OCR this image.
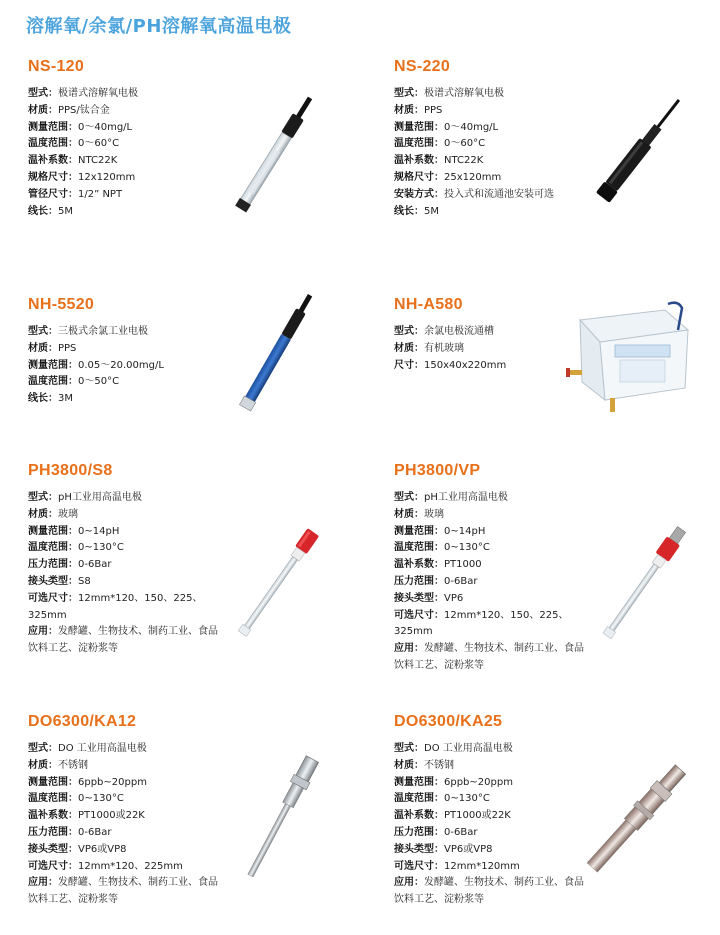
溶解氧/余氯/PH溶解氧高温电极
NS-120
型式：极谱式溶解氧电极
材质：PPS/钛合金
测量范围：0～40mg/L
温度范围：0～60°C
温补系数：NTC22K
规格尺寸：12x120mm
管径尺寸：1/2” NPT
线长：5M
NS-220
型式：极谱式溶解氧电极
材质：PPS
测量范围：0～40mg/L
温度范围：0～60°C
温补系数：NTC22K
规格尺寸：25x120mm
安装方式：投入式和流通池安装可选
线长：5M
NH-5520
型式：三极式余氯工业电极
材质：PPS
测量范围：0.05～20.00mg/L
温度范围：0～50°C
线长：3M
NH-A580
型式：余氯电极流通槽
材质：有机玻璃
尺寸：150x40x220mm
PH3800/S8
型式：pH工业用高温电极
材质：玻璃
测量范围：0~14pH
温度范围：0~130°C
压力范围：0-6Bar
接头类型：S8
可选尺寸：12mm*120、150、225、325mm
应用：发酵罐、生物技术、制药工业、食品饮料工艺、淀粉浆等
PH3800/VP
型式：pH工业用高温电极
材质：玻璃
测量范围：0~14pH
温度范围：0~130°C
温补系数：PT1000
压力范围：0-6Bar
接头类型：VP6
可选尺寸：12mm*120、150、225、325mm
应用：发酵罐、生物技术、制药工业、食品饮料工艺、淀粉浆等
DO6300/KA12
型式：DO 工业用高温电极
材质：不锈钢
测量范围：6ppb~20ppm
温度范围：0~130°C
温补系数：PT1000或22K
压力范围：0-6Bar
接头类型：VP6或VP8
可选尺寸：12mm*120、225mm
应用：发酵罐、生物技术、制药工业、食品饮料工艺、淀粉浆等
DO6300/KA25
型式：DO 工业用高温电极
材质：不锈钢
测量范围：6ppb~20ppm
温度范围：0~130°C
温补系数：PT1000或22K
压力范围：0-6Bar
接头类型：VP6或VP8
可选尺寸：12mm*120mm
应用：发酵罐、生物技术、制药工业、食品饮料工艺、淀粉浆等
